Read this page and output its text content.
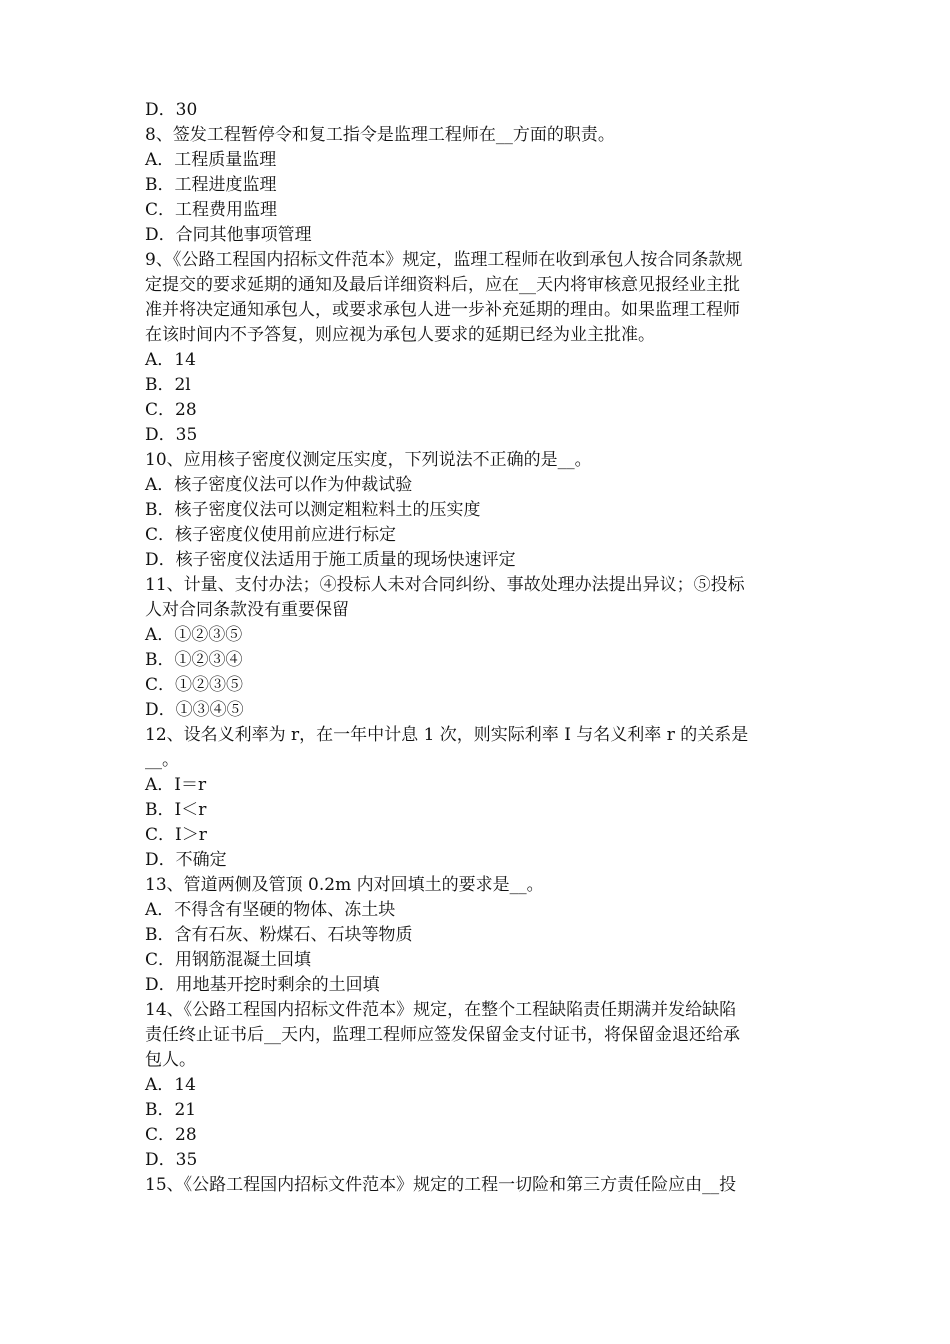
D．30
8、签发工程暂停令和复工指令是监理工程师在__方面的职责。
A．工程质量监理
B．工程进度监理
C．工程费用监理
D．合同其他事项管理
9、《公路工程国内招标文件范本》规定，监理工程师在收到承包人按合同条款规
定提交的要求延期的通知及最后详细资料后，应在__天内将审核意见报经业主批
准并将决定通知承包人，或要求承包人进一步补充延期的理由。如果监理工程师
在该时间内不予答复，则应视为承包人要求的延期已经为业主批准。
A．14
B．2l
C．28
D．35
10、应用核子密度仪测定压实度，下列说法不正确的是__。
A．核子密度仪法可以作为仲裁试验
B．核子密度仪法可以测定粗粒料土的压实度
C．核子密度仪使用前应进行标定
D．核子密度仪法适用于施工质量的现场快速评定
11、计量、支付办法；④投标人未对合同纠纷、事故处理办法提出异议；⑤投标
人对合同条款没有重要保留
A．①②③⑤
B．①②③④
C．①②③⑤
D．①③④⑤
12、设名义利率为 r，在一年中计息 1 次，则实际利率 I 与名义利率 r 的关系是
__。
A．I＝r
B．I＜r
C．I＞r
D．不确定
13、管道两侧及管顶 0.2m 内对回填土的要求是__。
A．不得含有坚硬的物体、冻土块
B．含有石灰、粉煤石、石块等物质
C．用钢筋混凝土回填
D．用地基开挖时剩余的土回填
14、《公路工程国内招标文件范本》规定，在整个工程缺陷责任期满并发给缺陷
责任终止证书后__天内，监理工程师应签发保留金支付证书，将保留金退还给承
包人。
A．14
B．21
C．28
D．35
15、《公路工程国内招标文件范本》规定的工程一切险和第三方责任险应由__投
